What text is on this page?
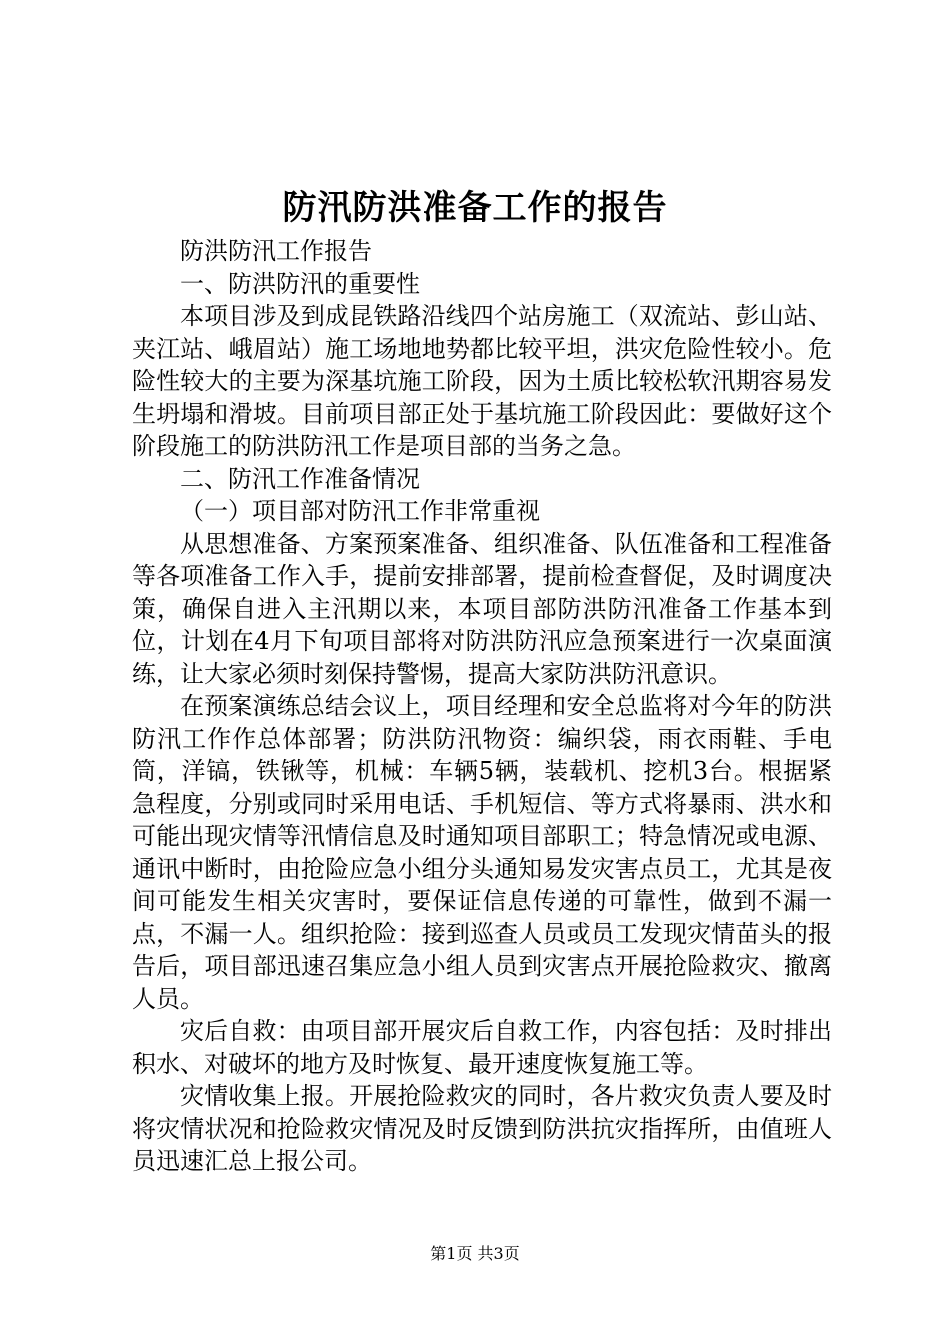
防汛防洪准备工作的报告

防洪防汛工作报告

一、防洪防汛的重要性

本项目涉及到成昆铁路沿线四个站房施工（双流站、彭山站、夹江站、峨眉站）施工场地地势都比较平坦，洪灾危险性较小。危险性较大的主要为深基坑施工阶段，因为土质比较松软汛期容易发生坍塌和滑坡。目前项目部正处于基坑施工阶段因此：要做好这个阶段施工的防洪防汛工作是项目部的当务之急。

二、防汛工作准备情况

（一）项目部对防汛工作非常重视

从思想准备、方案预案准备、组织准备、队伍准备和工程准备等各项准备工作入手，提前安排部署，提前检查督促，及时调度决策，确保自进入主汛期以来，本项目部防洪防汛准备工作基本到位，计划在4月下旬项目部将对防洪防汛应急预案进行一次桌面演练，让大家必须时刻保持警惕，提高大家防洪防汛意识。

在预案演练总结会议上，项目经理和安全总监将对今年的防洪防汛工作作总体部署；防洪防汛物资：编织袋，雨衣雨鞋、手电筒，洋镐，铁锹等，机械：车辆5辆，装载机、挖机3台。根据紧急程度，分别或同时采用电话、手机短信、等方式将暴雨、洪水和可能出现灾情等汛情信息及时通知项目部职工；特急情况或电源、通讯中断时，由抢险应急小组分头通知易发灾害点员工，尤其是夜间可能发生相关灾害时，要保证信息传递的可靠性，做到不漏一点，不漏一人。组织抢险：接到巡查人员或员工发现灾情苗头的报告后，项目部迅速召集应急小组人员到灾害点开展抢险救灾、撤离人员。

灾后自救：由项目部开展灾后自救工作，内容包括：及时排出积水、对破坏的地方及时恢复、最开速度恢复施工等。

灾情收集上报。开展抢险救灾的同时，各片救灾负责人要及时将灾情状况和抢险救灾情况及时反馈到防洪抗灾指挥所，由值班人员迅速汇总上报公司。

第1页 共3页
